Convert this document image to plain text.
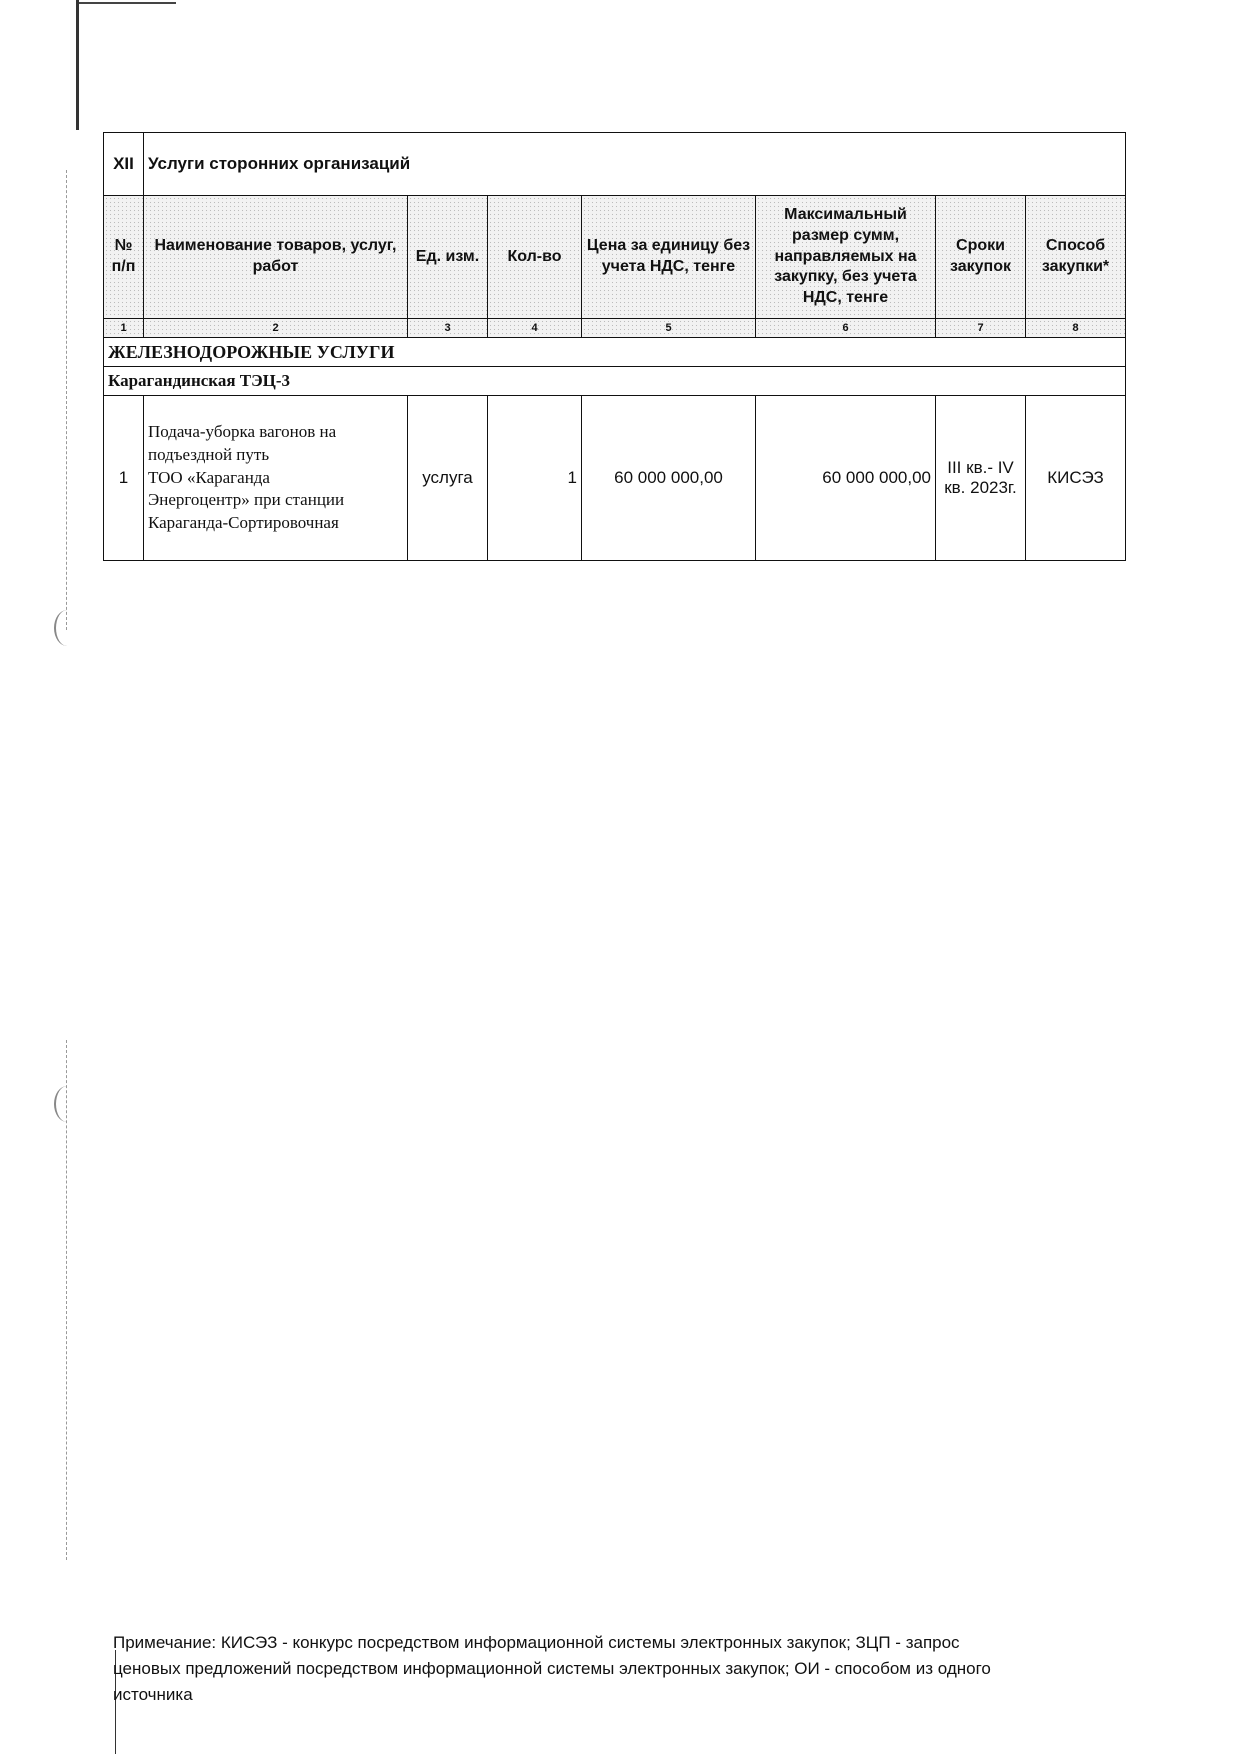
XII	Услуги сторонних организаций						
№ п/п	Наименование товаров, услуг, работ	Ед. изм.	Кол-во	Цена за единицу без учета НДС, тенге	Максимальный размер сумм, направляемых на закупку, без учета НДС, тенге	Сроки закупок	Способ закупки*
1	2	3	4	5	6	7	8
ЖЕЛЕЗНОДОРОЖНЫЕ УСЛУГИ							
Карагандинская ТЭЦ-3							
1	Подача-уборка вагонов на
подъездной путь
ТОО «Караганда
Энергоцентр» при станции
Караганда-Сортировочная	услуга	1	60 000 000,00	60 000 000,00	III кв.- IV кв. 2023г.	КИСЭЗ
Примечание: КИСЭЗ - конкурс посредством информационной системы электронных закупок; ЗЦП - запрос
ценовых предложений посредством информационной системы электронных закупок; ОИ - способом из одного
источника
